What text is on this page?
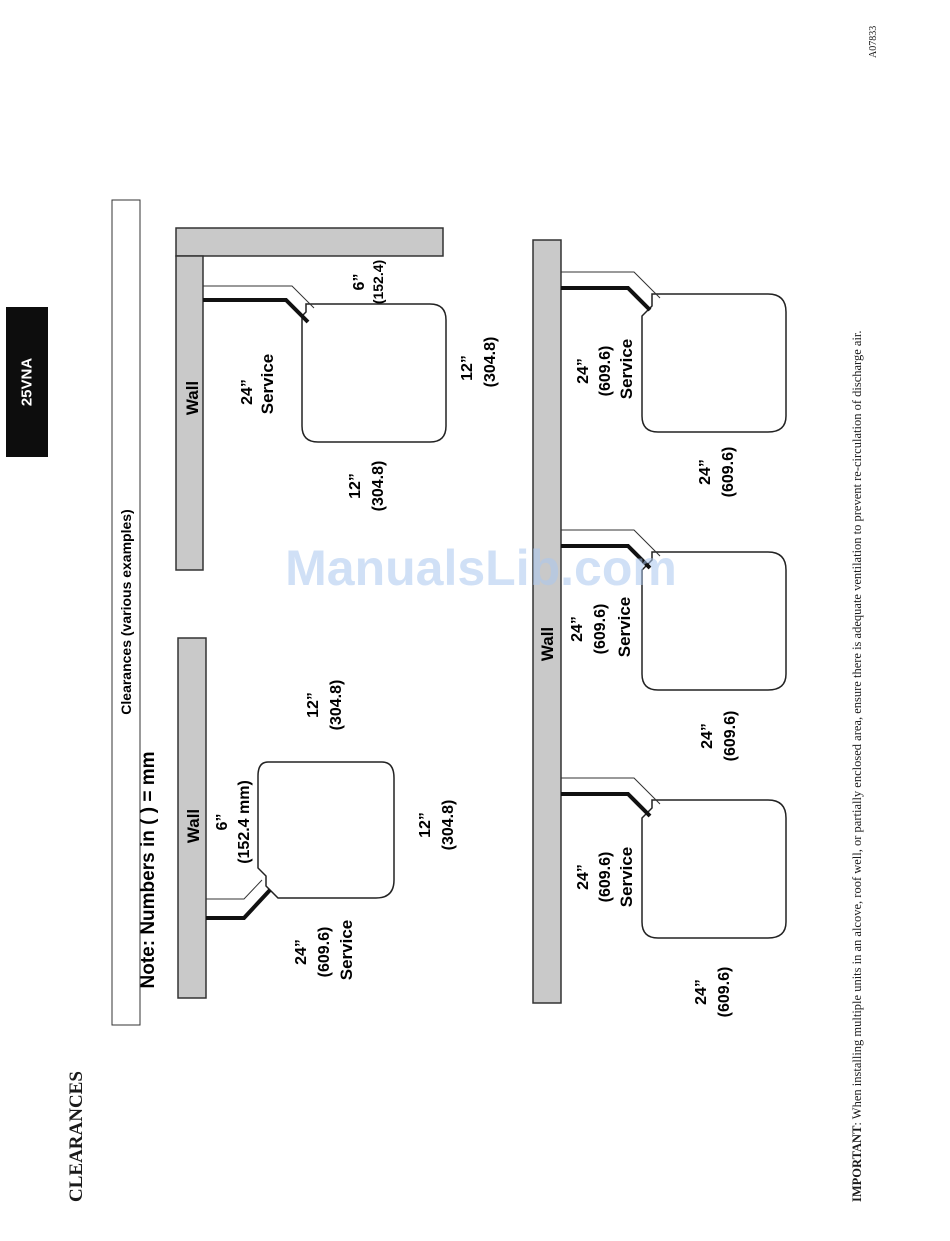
A07833
25VNA
CLEARANCES	IMPORTANT: When installing multiple units in an alcove, roof well, or partially enclosed area, ensure there is adequate ventilation to prevent re-circulation of discharge air.
Clearances (various examples)
Wall 6” (152.4 mm)
24” (609.6) Service
12” (304.8)
12” (304.8)
24” (609.6)
Wall
6” (152.4)
24” Service	12” (304.8)
12” (304.8)
Wall
24” (609.6) Service
24” (609.6) Service
24” (609.6) Service
24” (609.6)
24” (609.6)
Note: Numbers in ( ) = mm
ManualsLib.com
